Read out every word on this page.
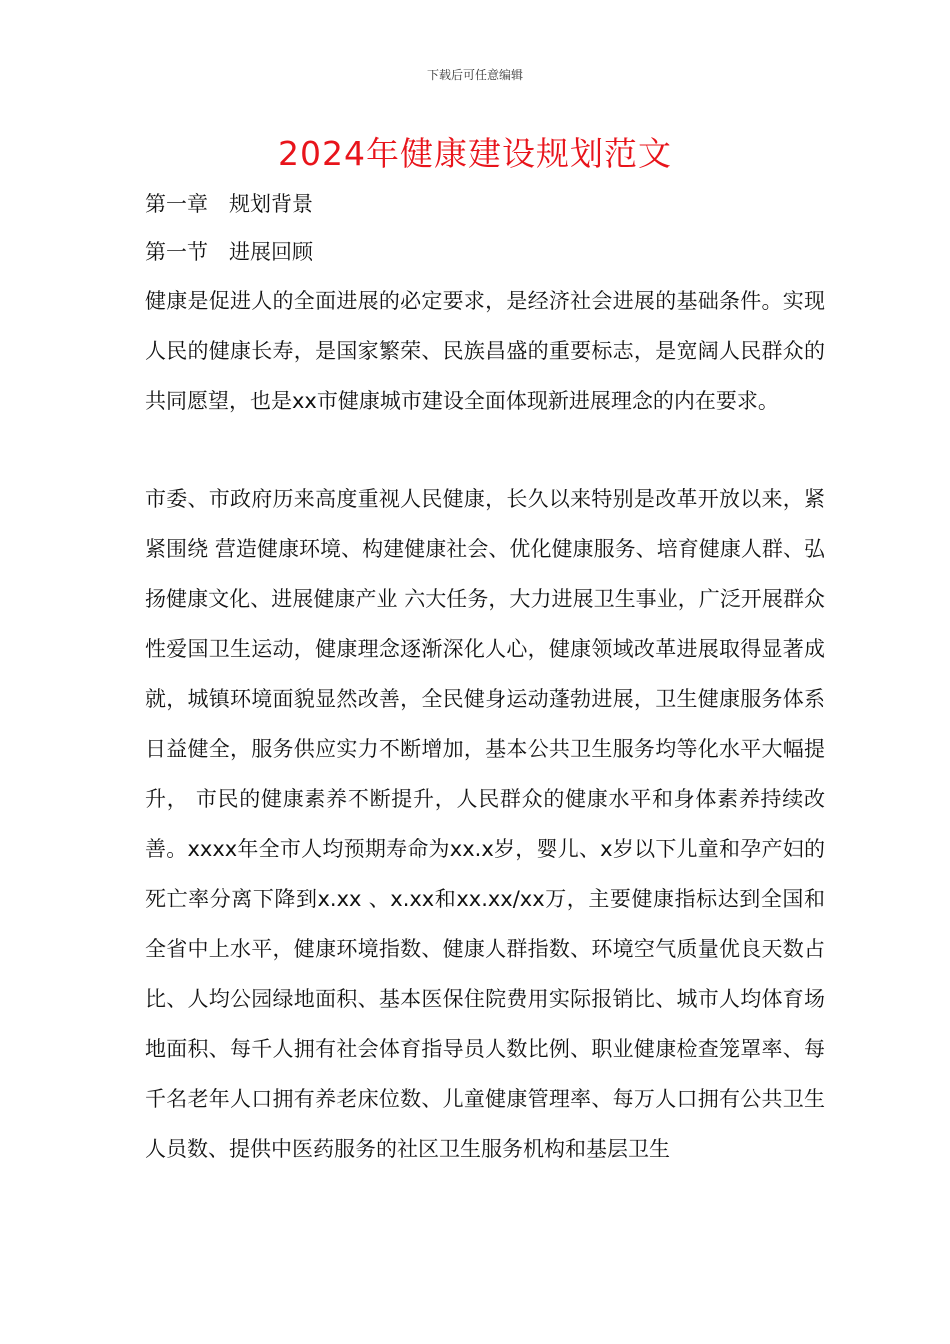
下载后可任意编辑
2024年健康建设规划范文
第一章　规划背景
第一节　进展回顾
健康是促进人的全面进展的必定要求，是经济社会进展的基础条件。实现人民的健康长寿，是国家繁荣、民族昌盛的重要标志，是宽阔人民群众的共同愿望，也是xx市健康城市建设全面体现新进展理念的内在要求。
市委、市政府历来高度重视人民健康，长久以来特别是改革开放以来，紧紧围绕 营造健康环境、构建健康社会、优化健康服务、培育健康人群、弘扬健康文化、进展健康产业 六大任务，大力进展卫生事业，广泛开展群众性爱国卫生运动，健康理念逐渐深化人心，健康领域改革进展取得显著成就，城镇环境面貌显然改善，全民健身运动蓬勃进展，卫生健康服务体系日益健全，服务供应实力不断增加，基本公共卫生服务均等化水平大幅提升， 市民的健康素养不断提升，人民群众的健康水平和身体素养持续改善。xxxx年全市人均预期寿命为xx.x岁，婴儿、x岁以下儿童和孕产妇的死亡率分离下降到x.xx 、x.xx和xx.xx/xx万，主要健康指标达到全国和全省中上水平，健康环境指数、健康人群指数、环境空气质量优良天数占比、人均公园绿地面积、基本医保住院费用实际报销比、城市人均体育场地面积、每千人拥有社会体育指导员人数比例、职业健康检查笼罩率、每千名老年人口拥有养老床位数、儿童健康管理率、每万人口拥有公共卫生人员数、提供中医药服务的社区卫生服务机构和基层卫生
